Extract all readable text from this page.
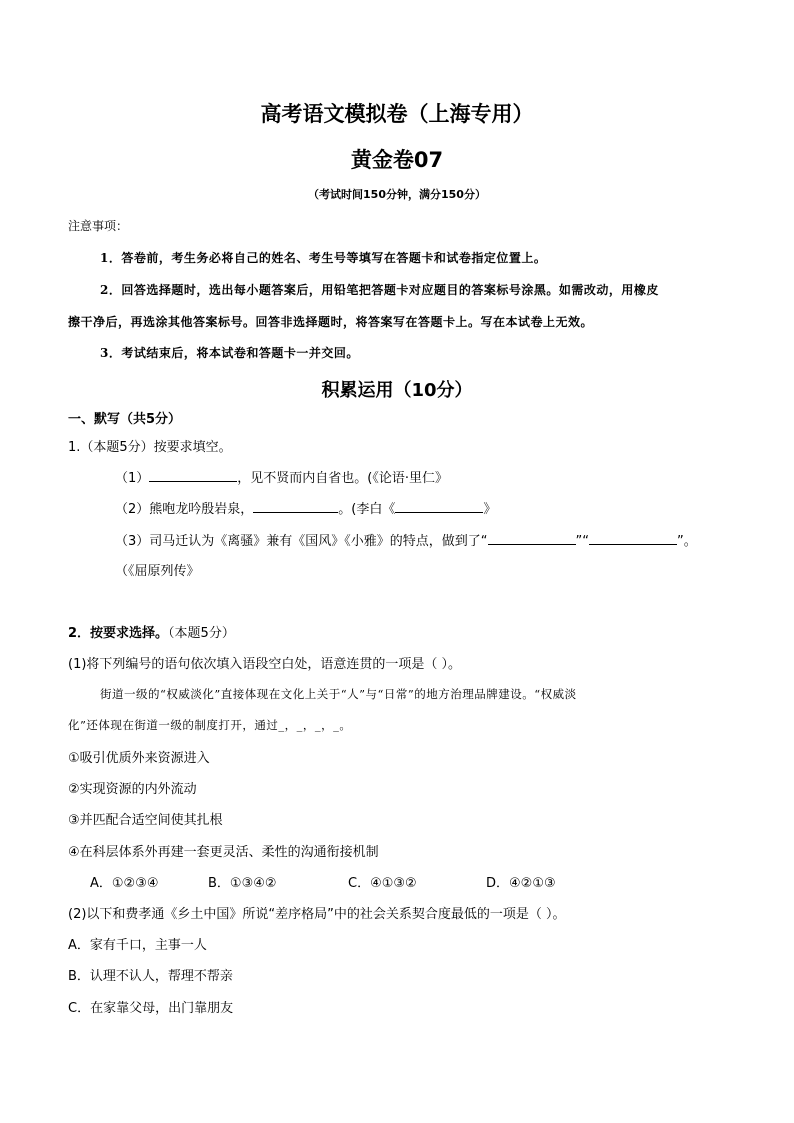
高考语文模拟卷（上海专用）
黄金卷07
（考试时间150分钟，满分150分）
注意事项：
1．答卷前，考生务必将自己的姓名、考生号等填写在答题卡和试卷指定位置上。
2．回答选择题时，选出每小题答案后，用铅笔把答题卡对应题目的答案标号涂黑。如需改动，用橡皮
擦干净后，再选涂其他答案标号。回答非选择题时，将答案写在答题卡上。写在本试卷上无效。
3．考试结束后，将本试卷和答题卡一并交回。
积累运用（10分）
一、默写（共5分）
1.（本题5分）按要求填空。
（1）	，见不贤而内自省也。(《论语·里仁》
（2）熊咆龙吟殷岩泉，	。(李白《	》
（3）司马迁认为《离骚》兼有《国风》《小雅》的特点，做到了“	”“	”。
（《屈原列传》
2．按要求选择。（本题5分）
(1)将下列编号的语句依次填入语段空白处，语意连贯的一项是（ ）。
街道一级的“权威淡化”直接体现在文化上关于“人”与“日常”的地方治理品牌建设。“权威淡
化”还体现在街道一级的制度打开，通过_，_，_，_。
①吸引优质外来资源进入
②实现资源的内外流动
③并匹配合适空间使其扎根
④在科层体系外再建一套更灵活、柔性的沟通衔接机制
A．①②③④	B．①③④②	C．④①③②	D．④②①③
(2)以下和费孝通《乡土中国》所说“差序格局”中的社会关系契合度最低的一项是（ ）。
A．家有千口，主事一人
B．认理不认人，帮理不帮亲
C．在家靠父母，出门靠朋友
